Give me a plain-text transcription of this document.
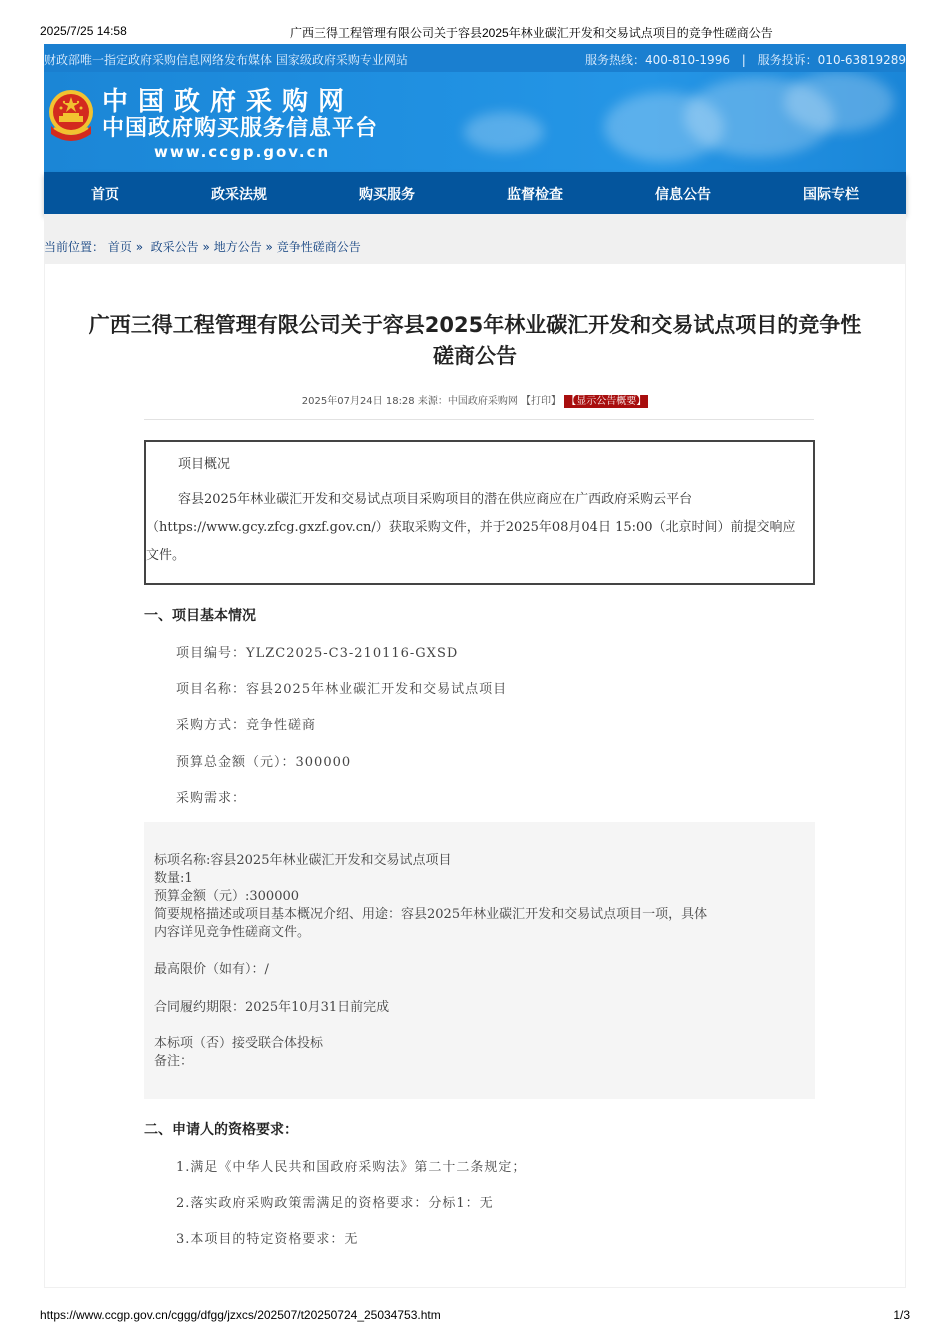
2025/7/25 14:58	广西三得工程管理有限公司关于容县2025年林业碳汇开发和交易试点项目的竞争性磋商公告
财政部唯一指定政府采购信息网络发布媒体 国家级政府采购专业网站	服务热线：400-810-1996 | 服务投诉：010-63819289
中国政府采购网
中国政府购买服务信息平台
www.ccgp.gov.cn
首页	政采法规	购买服务	监督检查	信息公告	国际专栏
当前位置： 首页 » 政采公告 » 地方公告 » 竞争性磋商公告
广西三得工程管理有限公司关于容县2025年林业碳汇开发和交易试点项目的竞争性
磋商公告
2025年07月24日 18:28 来源：中国政府采购网 【打印】 【显示公告概要】
项目概况
容县2025年林业碳汇开发和交易试点项目采购项目的潜在供应商应在广西政府采购云平台（https://www.gcy.zfcg.gxzf.gov.cn/）获取采购文件，并于2025年08月04日 15:00（北京时间）前提交响应文件。
一、项目基本情况
项目编号：YLZC2025-C3-210116-GXSD
项目名称：容县2025年林业碳汇开发和交易试点项目
采购方式：竞争性磋商
预算总金额（元）：300000
采购需求：
标项名称:容县2025年林业碳汇开发和交易试点项目
数量:1
预算金额（元）:300000
简要规格描述或项目基本概况介绍、用途：容县2025年林业碳汇开发和交易试点项目一项，具体
内容详见竞争性磋商文件。
最高限价（如有）：/
合同履约期限：2025年10月31日前完成
本标项（否）接受联合体投标
备注：
二、申请人的资格要求：
1.满足《中华人民共和国政府采购法》第二十二条规定；
2.落实政府采购政策需满足的资格要求：分标1：无
3.本项目的特定资格要求：无
https://www.ccgp.gov.cn/cggg/dfgg/jzxcs/202507/t20250724_25034753.htm	1/3
